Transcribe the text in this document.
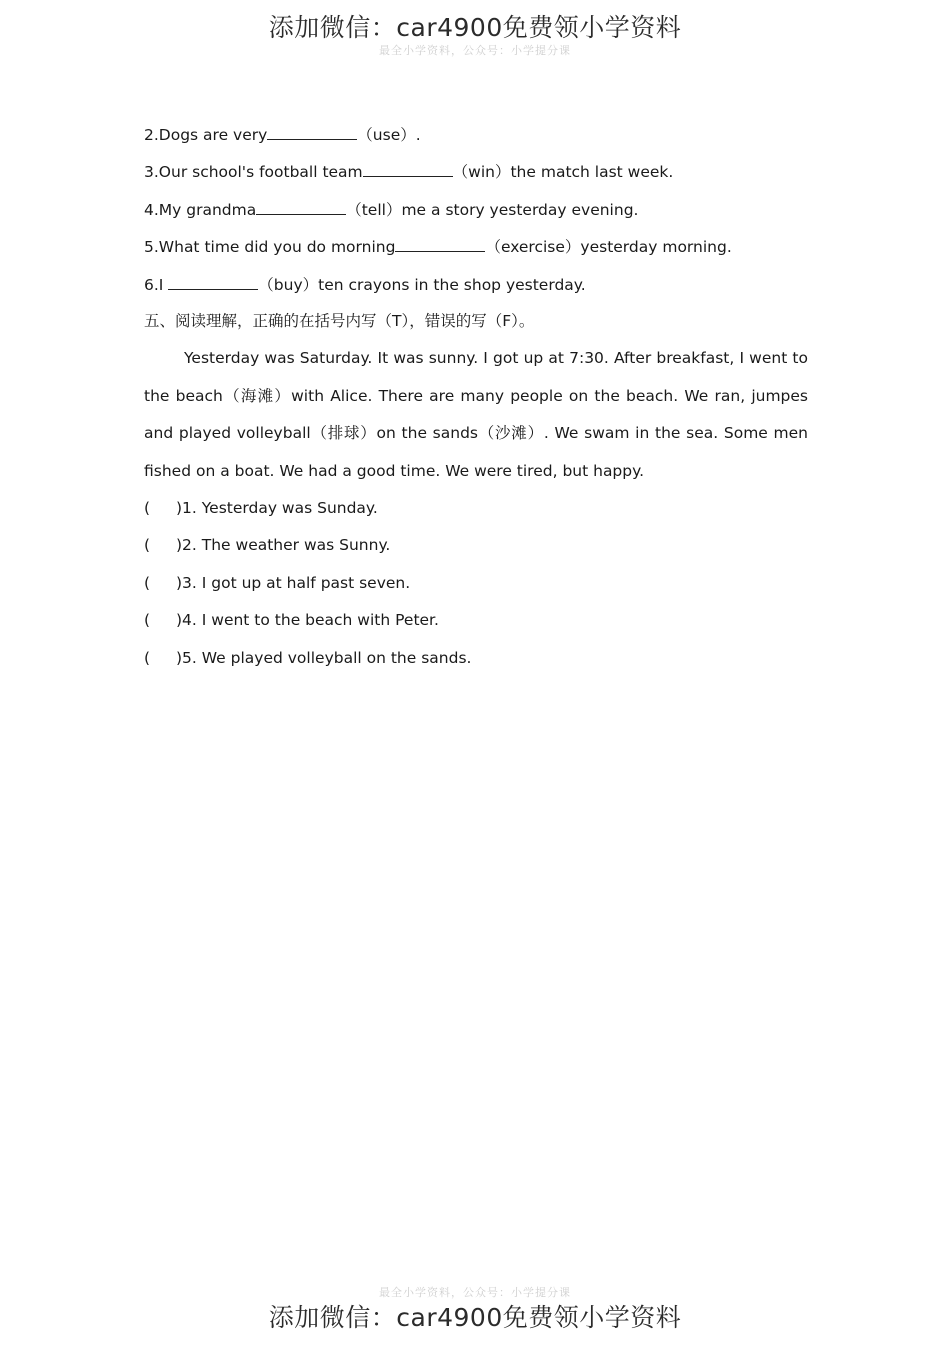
添加微信：car4900免费领小学资料
最全小学资料，公众号：小学提分课
2.Dogs are very	（use）.
3.Our school's football team	（win）the match last week.
4.My grandma	（tell）me a story yesterday evening.
5.What time did you do morning	（exercise）yesterday morning.
6.I	（buy）ten crayons in the shop yesterday.
五、阅读理解，正确的在括号内写（T），错误的写（F）。
Yesterday was Saturday. It was sunny. I got up at 7:30. After breakfast, I went to the beach（海滩）with Alice. There are many people on the beach. We ran, jumpes and played volleyball（排球）on the sands（沙滩）. We swam in the sea. Some men fished on a boat. We had a good time. We were tired, but happy.
( )1. Yesterday was Sunday.
( )2. The weather was Sunny.
( )3. I got up at half past seven.
( )4. I went to the beach with Peter.
( )5. We played volleyball on the sands.
最全小学资料，公众号：小学提分课
添加微信：car4900免费领小学资料
